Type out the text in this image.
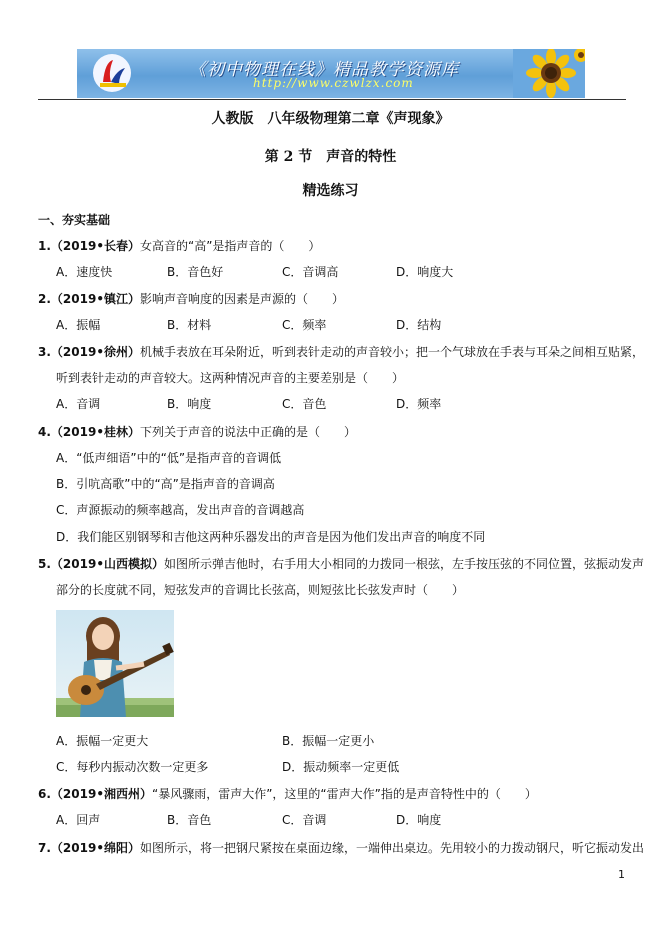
《初中物理在线》精品教学资源库
http://www.czwlzx.com
人教版　八年级物理第二章《声现象》
第 2 节　声音的特性
精选练习
一、夯实基础
1.（2019•长春）女高音的“高”是指声音的（　　）
A．速度快	B．音色好	C．音调高	D．响度大
2.（2019•镇江）影响声音响度的因素是声源的（　　）
A．振幅	B．材料	C．频率	D．结构
3.（2019•徐州）机械手表放在耳朵附近，听到表针走动的声音较小；把一个气球放在手表与耳朵之间相互贴紧，
听到表针走动的声音较大。这两种情况声音的主要差别是（　　）
A．音调	B．响度	C．音色	D．频率
4.（2019•桂林）下列关于声音的说法中正确的是（　　）
A．“低声细语”中的“低”是指声音的音调低
B．引吭高歌”中的“高”是指声音的音调高
C．声源振动的频率越高，发出声音的音调越高
D．我们能区别钢琴和吉他这两种乐器发出的声音是因为他们发出声音的响度不同
5.（2019•山西模拟）如图所示弹吉他时，右手用大小相同的力拨同一根弦，左手按压弦的不同位置，弦振动发声
部分的长度就不同，短弦发声的音调比长弦高，则短弦比长弦发声时（　　）
A．振幅一定更大	B．振幅一定更小
C．每秒内振动次数一定更多	D．振动频率一定更低
6.（2019•湘西州）“暴风骤雨，雷声大作”，这里的“雷声大作”指的是声音特性中的（　　）
A．回声	B．音色	C．音调	D．响度
7.（2019•绵阳）如图所示，将一把钢尺紧按在桌面边缘，一端伸出桌边。先用较小的力拨动钢尺，听它振动发出
1
